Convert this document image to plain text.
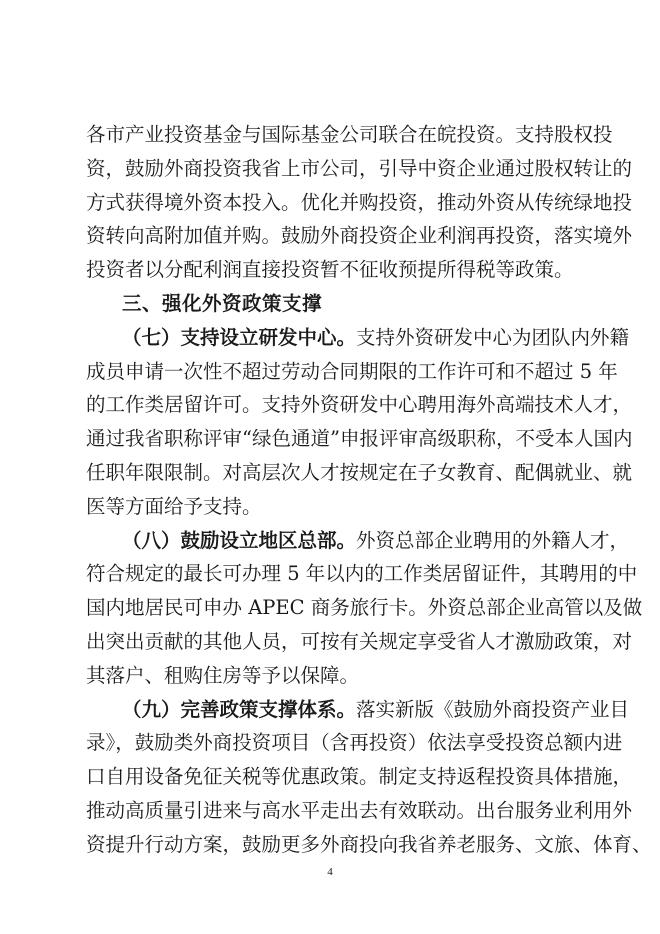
各市产业投资基金与国际基金公司联合在皖投资。支持股权投
资，鼓励外商投资我省上市公司，引导中资企业通过股权转让的
方式获得境外资本投入。优化并购投资，推动外资从传统绿地投
资转向高附加值并购。鼓励外商投资企业利润再投资，落实境外
投资者以分配利润直接投资暂不征收预提所得税等政策。
三、强化外资政策支撑
（七）支持设立研发中心。支持外资研发中心为团队内外籍
成员申请一次性不超过劳动合同期限的工作许可和不超过 5 年
的工作类居留许可。支持外资研发中心聘用海外高端技术人才，
通过我省职称评审“绿色通道”申报评审高级职称，不受本人国内
任职年限限制。对高层次人才按规定在子女教育、配偶就业、就
医等方面给予支持。
（八）鼓励设立地区总部。外资总部企业聘用的外籍人才，
符合规定的最长可办理 5 年以内的工作类居留证件，其聘用的中
国内地居民可申办 APEC 商务旅行卡。外资总部企业高管以及做
出突出贡献的其他人员，可按有关规定享受省人才激励政策，对
其落户、租购住房等予以保障。
（九）完善政策支撑体系。落实新版《鼓励外商投资产业目
录》，鼓励类外商投资项目（含再投资）依法享受投资总额内进
口自用设备免征关税等优惠政策。制定支持返程投资具体措施，
推动高质量引进来与高水平走出去有效联动。出台服务业利用外
资提升行动方案，鼓励更多外商投向我省养老服务、文旅、体育、
4
